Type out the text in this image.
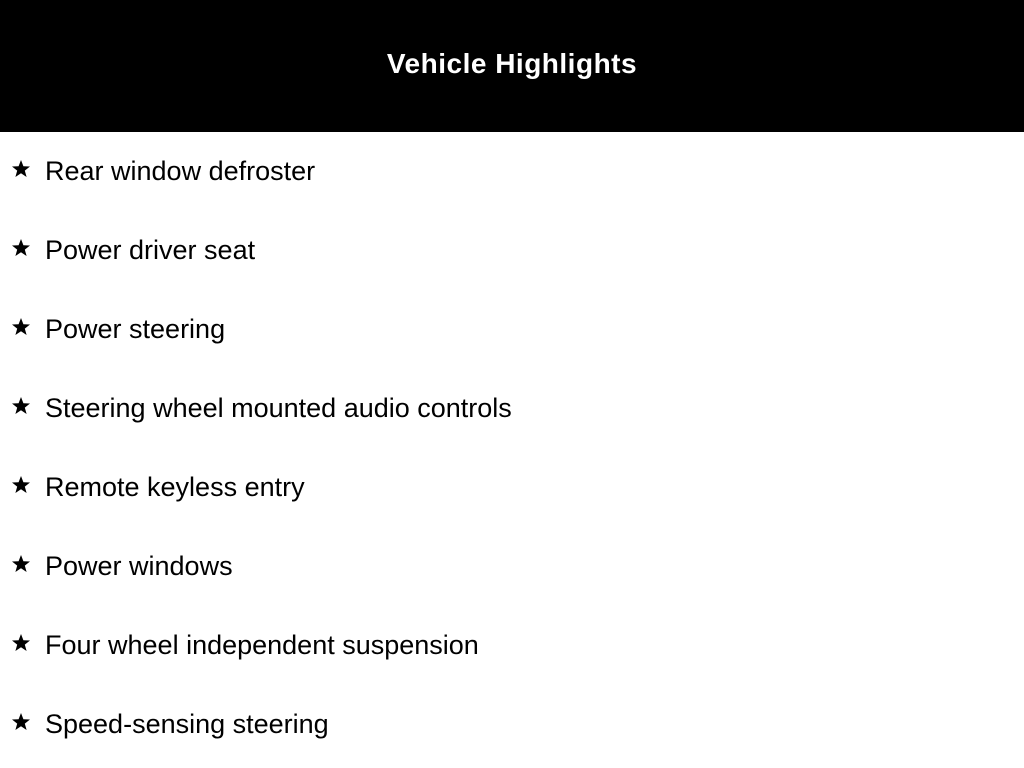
Vehicle Highlights
Rear window defroster
Power driver seat
Power steering
Steering wheel mounted audio controls
Remote keyless entry
Power windows
Four wheel independent suspension
Speed-sensing steering
